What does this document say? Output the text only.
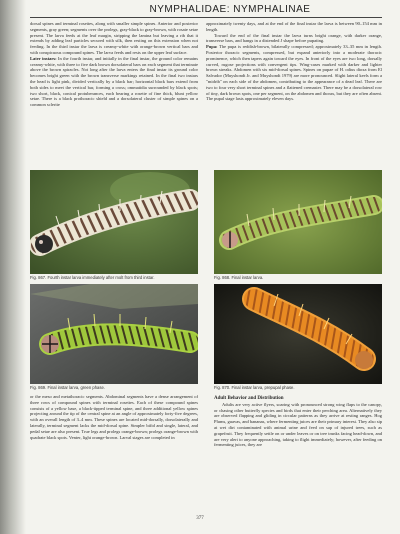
NYMPHALIDAE: NYMPHALINAE

dorsal spines and terminal rosettes, along with smaller simple spines. Anterior and posterior segments, gray green; segments over the prolegs, gray-black to gray-brown, with rosate setae present. The larva feeds at the leaf margin, stripping the lamina but leaving a rib that it extends by adding leaf particles secured with silk, then resting on this extension when not feeding. In the third instar the larva is creamy-white with orange-brown vertical bars and with conspicuous compound spines. The larva feeds and rests on the upper leaf surface.

Later instars: In the fourth instar, and initially in the final instar, the ground color remains creamy-white, with three to five dark brown dorsolateral bars on each segment that terminate above the brown spiracles. Not long after the larva enters the final instar its ground color becomes bright green with the brown transverse markings retained. In the final two instars the head is light pink, divided vertically by a black bar; horizontal black bars extend from both sides to meet the vertical bar, forming a cross; ommatidia surrounded by black spots; two short, black, conical protuberances, each bearing a rosette of fine thick, blunt yellow setae. There is a black prothoracic shield and a dorsolateral cluster of simple spines on a common sclerite

approximately twenty days, and at the end of the final instar the larva is between 90–154 mm in length.

Toward the end of the final instar the larva turns bright orange, with darker orange, transverse bars, and hangs in a distended J shape before pupating.

Pupa: The pupa is reddish-brown, bilaterally compressed; approximately 33–35 mm in length. Posterior thoracic segments, compressed, but expand anteriorly into a moderate thoracic prominence, which then tapers again toward the eyes. In front of the eyes are two long, dorsally curved, rugose projections with convergent tips. Wing-cases marked with darker and lighter brown streaks. Abdomen with six mid-dorsal spines. Spines on pupae of H. odius dioxa from El Salvador (Muyshondt Jr. and Muyshondt 1979) are more pronounced. Slight lateral keels form a "midrib" on each side of the abdomen, contributing to the appearance of a dead leaf. There are two to four very short terminal spines and a flattened cremaster. There may be a dorsolateral row of tiny, dark brown spots, one per segment, on the abdomen and thorax, but they are often absent. The pupal stage lasts approximately eleven days.

Fig. 867. Fourth instar larva immediately after molt from third instar.	Fig. 868. Final instar larva.
Fig. 869. Final instar larva, green phase.	Fig. 870. Final instar larva, prepupal phase.

or the meso and metathoracic segments. Abdominal segments have a dense arrangement of three rows of compound spines with terminal rosettes. Each of these compound spines consists of a yellow base, a black-tipped terminal spine, and three additional yellow spines projecting around the tip of the central spine at an angle of approximately forty-five degrees, with an overall length of 3–4 mm. These spines are located mid-dorsally, dorsolaterally and laterally, terminal segment lacks the mid-dorsal spine. Simpler bifid and single, lateral, and pedal setae are also present. True legs and prolegs orange-brown; prolegs orange-brown with quadrate black spots. Venter, light orange-brown. Larval stages are completed in

Adult Behavior and Distribution

Adults are very active flyers, soaring with pronounced strong wing flaps to the canopy, or chasing other butterfly species and birds that enter their perching area. Alternatively they are observed flapping and gliding in circular patterns as they arrive at resting ranges. Hog Plums, guavas, and bananas, where fermenting juices are their primary interest. They also sip at wet dirt contaminated with animal urine and feed on sap of injured trees, such as grapefruit. They frequently settle on or under leaves or on tree trunks facing head-down, and are very alert to anyone approaching, taking to flight immediately; however, after feeding on fermenting juices, they are

377
